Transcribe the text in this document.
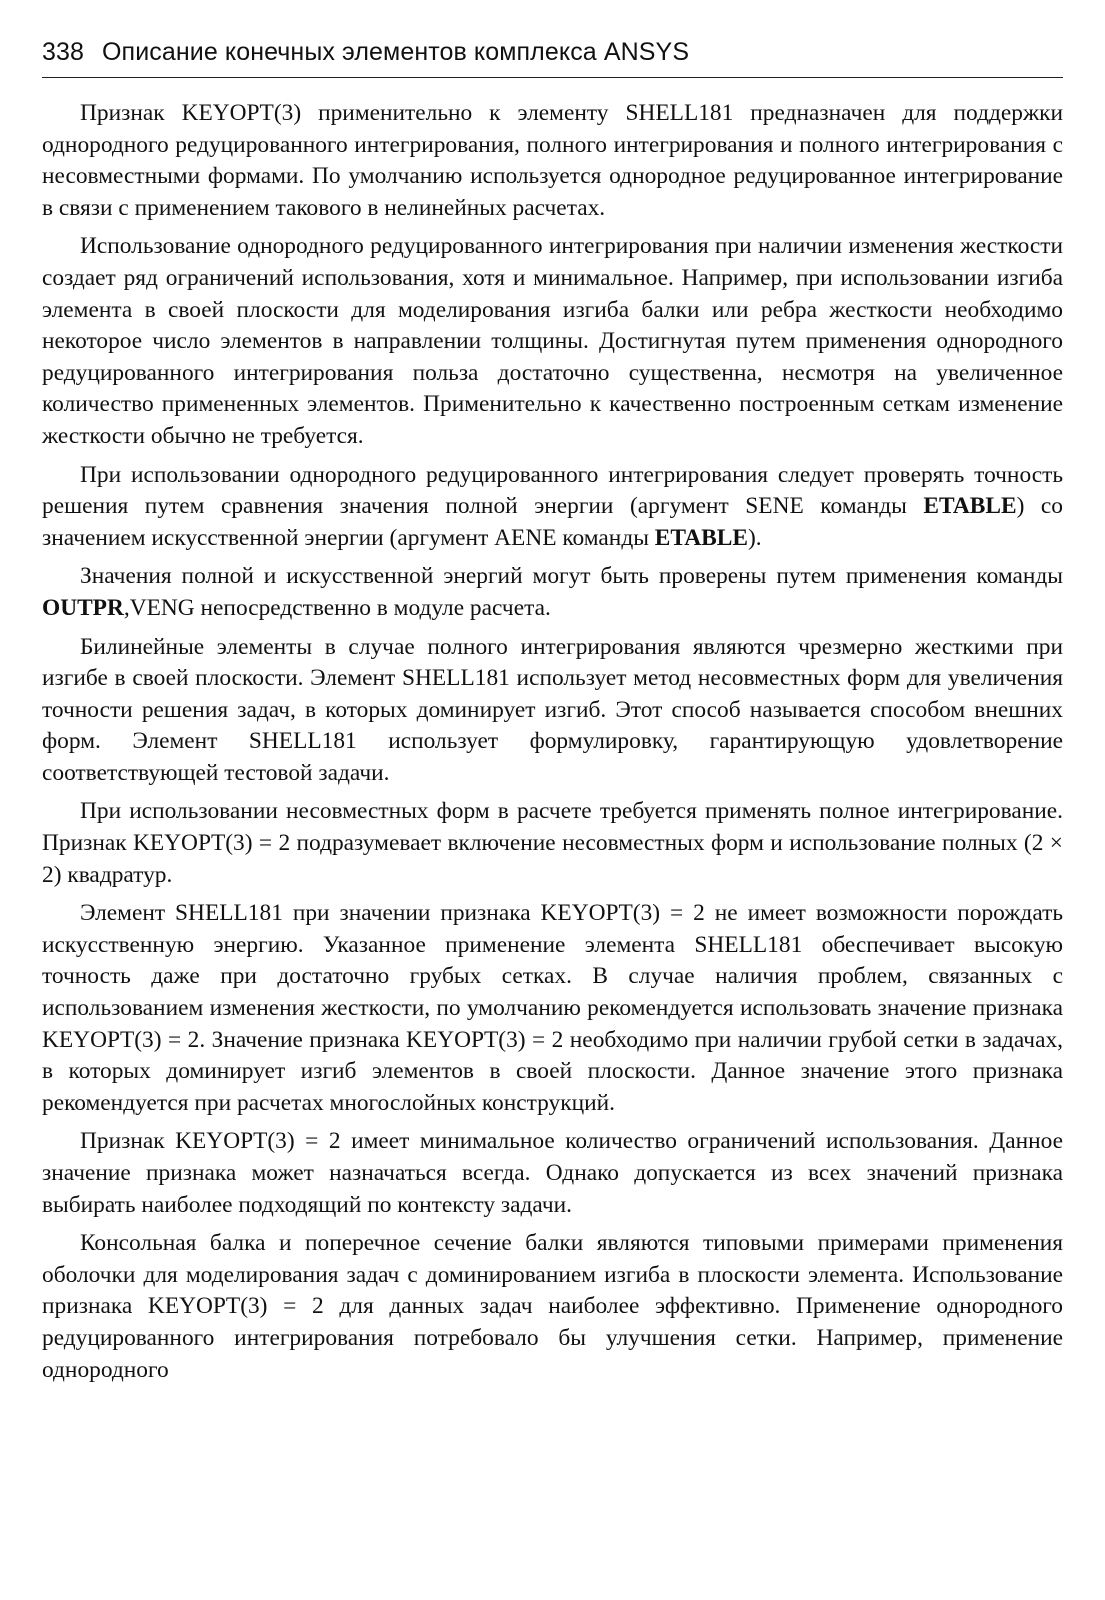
338 Описание конечных элементов комплекса ANSYS

Признак KEYOPT(3) применительно к элементу SHELL181 предназначен для поддержки однородного редуцированного интегрирования, полного интегрирования и полного интегрирования с несовместными формами. По умолчанию используется однородное редуцированное интегрирование в связи с применением такового в нелинейных расчетах.

Использование однородного редуцированного интегрирования при наличии изменения жесткости создает ряд ограничений использования, хотя и минимальное. Например, при использовании изгиба элемента в своей плоскости для моделирования изгиба балки или ребра жесткости необходимо некоторое число элементов в направлении толщины. Достигнутая путем применения однородного редуцированного интегрирования польза достаточно существенна, несмотря на увеличенное количество примененных элементов. Применительно к качественно построенным сеткам изменение жесткости обычно не требуется.

При использовании однородного редуцированного интегрирования следует проверять точность решения путем сравнения значения полной энергии (аргумент SENE команды ETABLE) со значением искусственной энергии (аргумент AENE команды ETABLE).

Значения полной и искусственной энергий могут быть проверены путем применения команды OUTPR,VENG непосредственно в модуле расчета.

Билинейные элементы в случае полного интегрирования являются чрезмерно жесткими при изгибе в своей плоскости. Элемент SHELL181 использует метод несовместных форм для увеличения точности решения задач, в которых доминирует изгиб. Этот способ называется способом внешних форм. Элемент SHELL181 использует формулировку, гарантирующую удовлетворение соответствующей тестовой задачи.

При использовании несовместных форм в расчете требуется применять полное интегрирование. Признак KEYOPT(3) = 2 подразумевает включение несовместных форм и использование полных (2 × 2) квадратур.

Элемент SHELL181 при значении признака KEYOPT(3) = 2 не имеет возможности порождать искусственную энергию. Указанное применение элемента SHELL181 обеспечивает высокую точность даже при достаточно грубых сетках. В случае наличия проблем, связанных с использованием изменения жесткости, по умолчанию рекомендуется использовать значение признака KEYOPT(3) = 2. Значение признака KEYOPT(3) = 2 необходимо при наличии грубой сетки в задачах, в которых доминирует изгиб элементов в своей плоскости. Данное значение этого признака рекомендуется при расчетах многослойных конструкций.

Признак KEYOPT(3) = 2 имеет минимальное количество ограничений использования. Данное значение признака может назначаться всегда. Однако допускается из всех значений признака выбирать наиболее подходящий по контексту задачи.

Консольная балка и поперечное сечение балки являются типовыми примерами применения оболочки для моделирования задач с доминированием изгиба в плоскости элемента. Использование признака KEYOPT(3) = 2 для данных задач наиболее эффективно. Применение однородного редуцированного интегрирования потребовало бы улучшения сетки. Например, применение однородного
